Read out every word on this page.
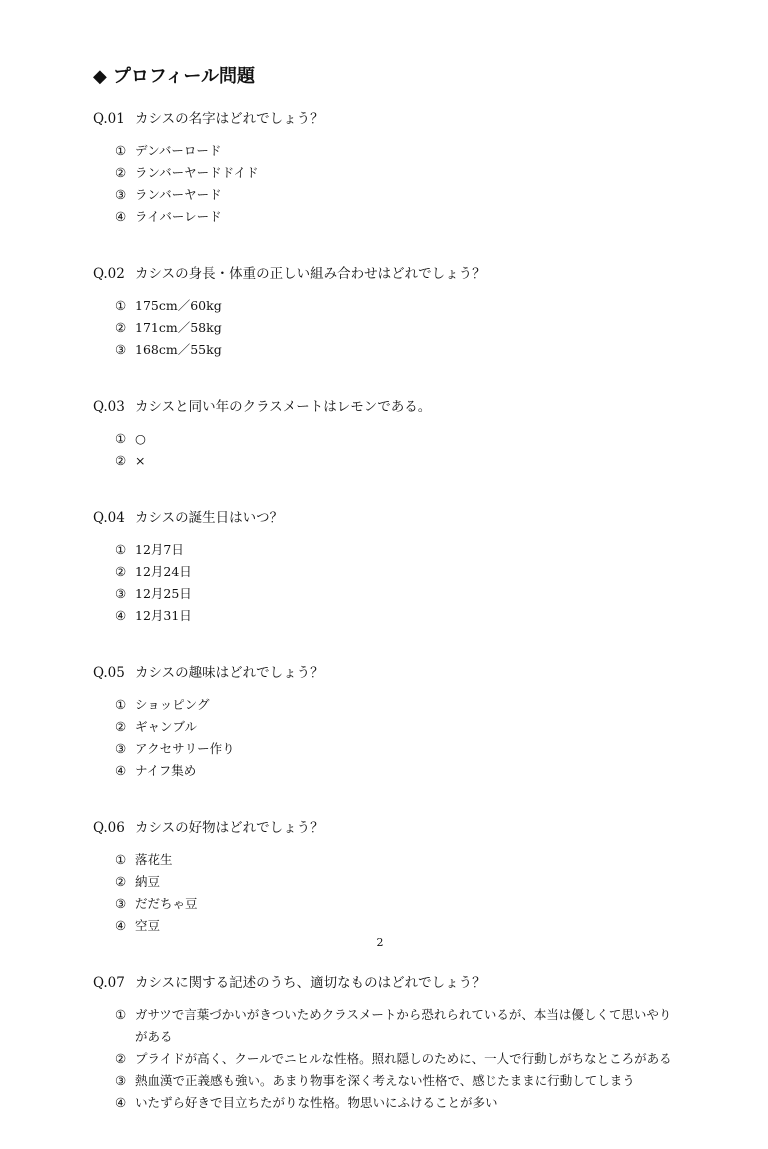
◆ プロフィール問題
Q.01 カシスの名字はどれでしょう？
① デンバーロード
② ランバーヤードドイド
③ ランバーヤード
④ ライバーレード
Q.02 カシスの身長・体重の正しい組み合わせはどれでしょう？
① 175cm／60kg
② 171cm／58kg
③ 168cm／55kg
Q.03 カシスと同い年のクラスメートはレモンである。
① ○
② ×
Q.04 カシスの誕生日はいつ？
① 12月7日
② 12月24日
③ 12月25日
④ 12月31日
Q.05 カシスの趣味はどれでしょう？
① ショッピング
② ギャンブル
③ アクセサリー作り
④ ナイフ集め
Q.06 カシスの好物はどれでしょう？
① 落花生
② 納豆
③ だだちゃ豆
④ 空豆
Q.07 カシスに関する記述のうち、適切なものはどれでしょう？
① ガサツで言葉づかいがきついためクラスメートから恐れられているが、本当は優しくて思いやりがある
② プライドが高く、クールでニヒルな性格。照れ隠しのために、一人で行動しがちなところがある
③ 熱血漢で正義感も強い。あまり物事を深く考えない性格で、感じたままに行動してしまう
④ いたずら好きで目立ちたがりな性格。物思いにふけることが多い
2
